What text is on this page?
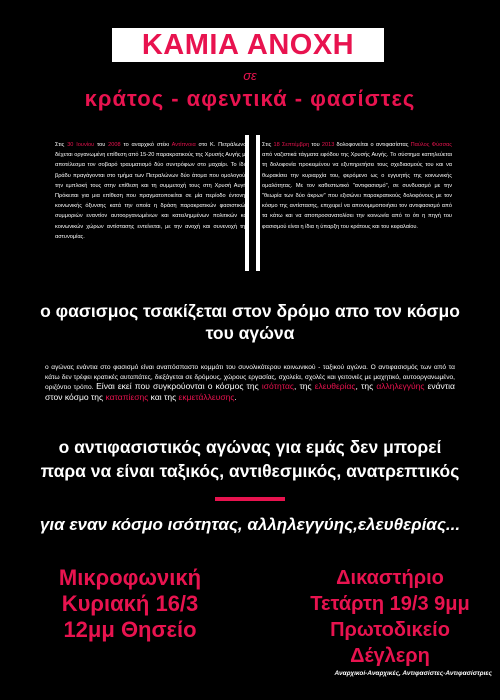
ΚΑΜΙΑ ΑΝΟΧΗ
σε
κράτος - αφεντικά - φασίστες

Στις 30 Ιουνίου του 2008 το αναρχικό στέκι Αντίπνοια στο Κ. Πετράλωνα, δέχεται οργανωμένη επίθεση από 15-20 παρακρατικούς της Χρυσής Αυγής με αποτέλεσμα τον σοβαρό τραυματισμό δύο συντρόφων στο μαχαίρι. Το ίδιο βράδυ πραγάγονται στο τμήμα των Πετραλώνων δύο άτομα που ομολογούν την εμπλοκή τους στην επίθεση και τη συμμετοχή τους στη Χρυσή Αυγή. Πρόκειται για μια επίθεση που πραγματοποιείται σε μία περίοδο έντονης κοινωνικής όξυνσης κατά την οποία η δράση παρακρατικών φασιστικών συμμοριών εναντίον αυτοοργανωμένων και κατειλημμένων πολιτικών και κοινωνικών χώρων αντίστασης εντείνεται, με την ανοχή και συνενοχή της αστυνομίας.

Στις 18 Σεπτέμβρη του 2013 δολοφονείται ο αντιφασίστας Παύλος Φύσσας από ναζιστικά τάγματα εφόδου της Χρυσής Αυγής. Το σύστημα καπηλεύεται τη δολοφονία προκειμένου να εξυπηρετήσει τους σχεδιασμούς του και να θωρακίσει την κυριαρχία του, φερόμενο ως ο εγγυητής της κοινωνικής ομαλότητας. Με τον καθεστωτικό "αντιφασισμό", σε συνδυασμό με την "θεωρία των δύο άκρων" που εξισώνει παρακρατικούς δολοφόνους με τον κόσμο της αντίστασης, επιχειρεί να απονομιμοποιήσει τον αντιφασισμό από τα κάτω και να αποπροσανατολίσει την κοινωνία από το ότι η πηγή του φασισμού είναι η ίδια η ύπαρξη του κράτους και του κεφαλαίου.

ο φασισμος τσακίζεται στον δρόμο απο τον κόσμο του αγώνα
ο αγώνας ενάντια στο φασισμό είναι αναπόσπαστο κομμάτι του συνολικότερου κοινωνικού - ταξικού αγώνα. Ο αντιφασισμός των από τα κάτω δεν τρέφει κρατικές αυταπάτες, διεξάγεται σε δρόμους, χώρους εργασίας, σχολεία, σχολές και γειτονιές με μαχητικό, αυτοοργανωμένο, οριζόντιο τρόπο. Είναι εκεί που συγκρούονται ο κόσμος της ισότητας, της ελευθερίας, της αλληλεγγύης ενάντια στον κόσμο της καταπίεσης και της εκμετάλλευσης.
ο αντιφασιστικός αγώνας για εμάς δεν μπορεί παρα να είναι ταξικός, αντιθεσμικός, ανατρεπτικός
για εναν κόσμο ισότητας, αλληλεγγύης,ελευθερίας...
Μικροφωνική
Κυριακή 16/3
12μμ Θησείο
Δικαστήριο
Τετάρτη 19/3 9μμ
Πρωτοδικείο Δέγλερη
Αναρχικοί-Αναρχικές, Αντιφασίστες-Αντιφασίστριες
